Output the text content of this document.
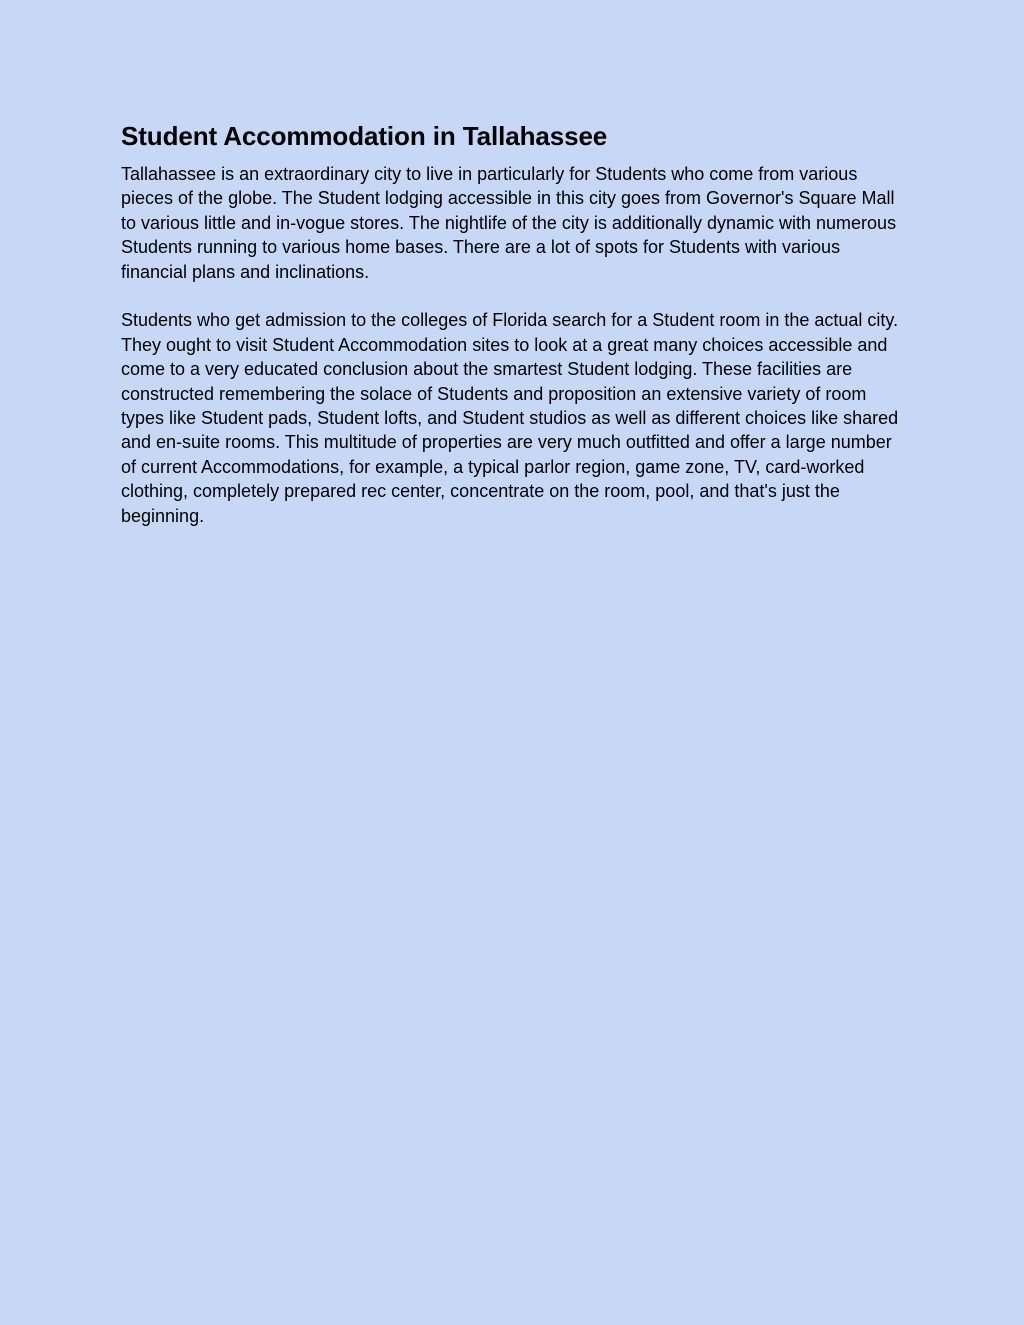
Student Accommodation in Tallahassee

Tallahassee is an extraordinary city to live in particularly for Students who come from various pieces of the globe. The Student lodging accessible in this city goes from Governor's Square Mall to various little and in-vogue stores. The nightlife of the city is additionally dynamic with numerous Students running to various home bases. There are a lot of spots for Students with various financial plans and inclinations.

Students who get admission to the colleges of Florida search for a Student room in the actual city. They ought to visit Student Accommodation sites to look at a great many choices accessible and come to a very educated conclusion about the smartest Student lodging. These facilities are constructed remembering the solace of Students and proposition an extensive variety of room types like Student pads, Student lofts, and Student studios as well as different choices like shared and en-suite rooms. This multitude of properties are very much outfitted and offer a large number of current Accommodations, for example, a typical parlor region, game zone, TV, card-worked clothing, completely prepared rec center, concentrate on the room, pool, and that's just the beginning.
